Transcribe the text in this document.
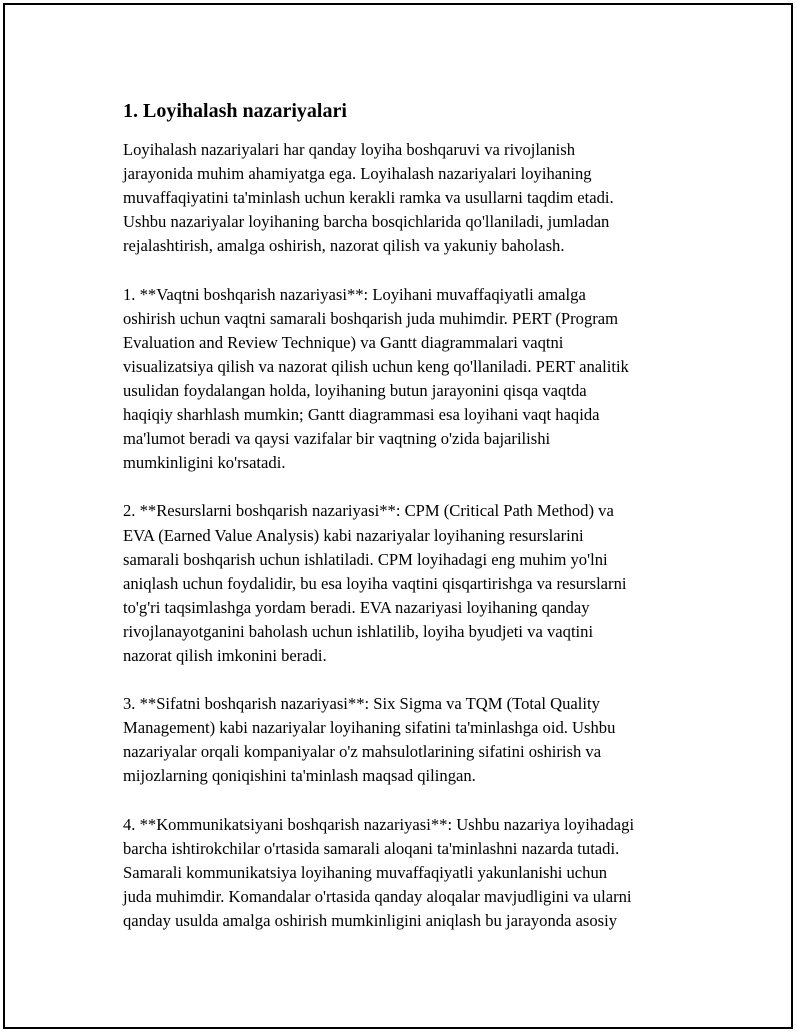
1. Loyihalash nazariyalari
Loyihalash nazariyalari har qanday loyiha boshqaruvi va rivojlanish
jarayonida muhim ahamiyatga ega. Loyihalash nazariyalari loyihaning
muvaffaqiyatini ta'minlash uchun kerakli ramka va usullarni taqdim etadi.
Ushbu nazariyalar loyihaning barcha bosqichlarida qo'llaniladi, jumladan
rejalashtirish, amalga oshirish, nazorat qilish va yakuniy baholash.
1. **Vaqtni boshqarish nazariyasi**: Loyihani muvaffaqiyatli amalga
oshirish uchun vaqtni samarali boshqarish juda muhimdir. PERT (Program
Evaluation and Review Technique) va Gantt diagrammalari vaqtni
visualizatsiya qilish va nazorat qilish uchun keng qo'llaniladi. PERT analitik
usulidan foydalangan holda, loyihaning butun jarayonini qisqa vaqtda
haqiqiy sharhlash mumkin; Gantt diagrammasi esa loyihani vaqt haqida
ma'lumot beradi va qaysi vazifalar bir vaqtning o'zida bajarilishi
mumkinligini ko'rsatadi.
2. **Resurslarni boshqarish nazariyasi**: CPM (Critical Path Method) va
EVA (Earned Value Analysis) kabi nazariyalar loyihaning resurslarini
samarali boshqarish uchun ishlatiladi. CPM loyihadagi eng muhim yo'lni
aniqlash uchun foydalidir, bu esa loyiha vaqtini qisqartirishga va resurslarni
to'g'ri taqsimlashga yordam beradi. EVA nazariyasi loyihaning qanday
rivojlanayotganini baholash uchun ishlatilib, loyiha byudjeti va vaqtini
nazorat qilish imkonini beradi.
3. **Sifatni boshqarish nazariyasi**: Six Sigma va TQM (Total Quality
Management) kabi nazariyalar loyihaning sifatini ta'minlashga oid. Ushbu
nazariyalar orqali kompaniyalar o'z mahsulotlarining sifatini oshirish va
mijozlarning qoniqishini ta'minlash maqsad qilingan.
4. **Kommunikatsiyani boshqarish nazariyasi**: Ushbu nazariya loyihadagi
barcha ishtirokchilar o'rtasida samarali aloqani ta'minlashni nazarda tutadi.
Samarali kommunikatsiya loyihaning muvaffaqiyatli yakunlanishi uchun
juda muhimdir. Komandalar o'rtasida qanday aloqalar mavjudligini va ularni
qanday usulda amalga oshirish mumkinligini aniqlash bu jarayonda asosiy
